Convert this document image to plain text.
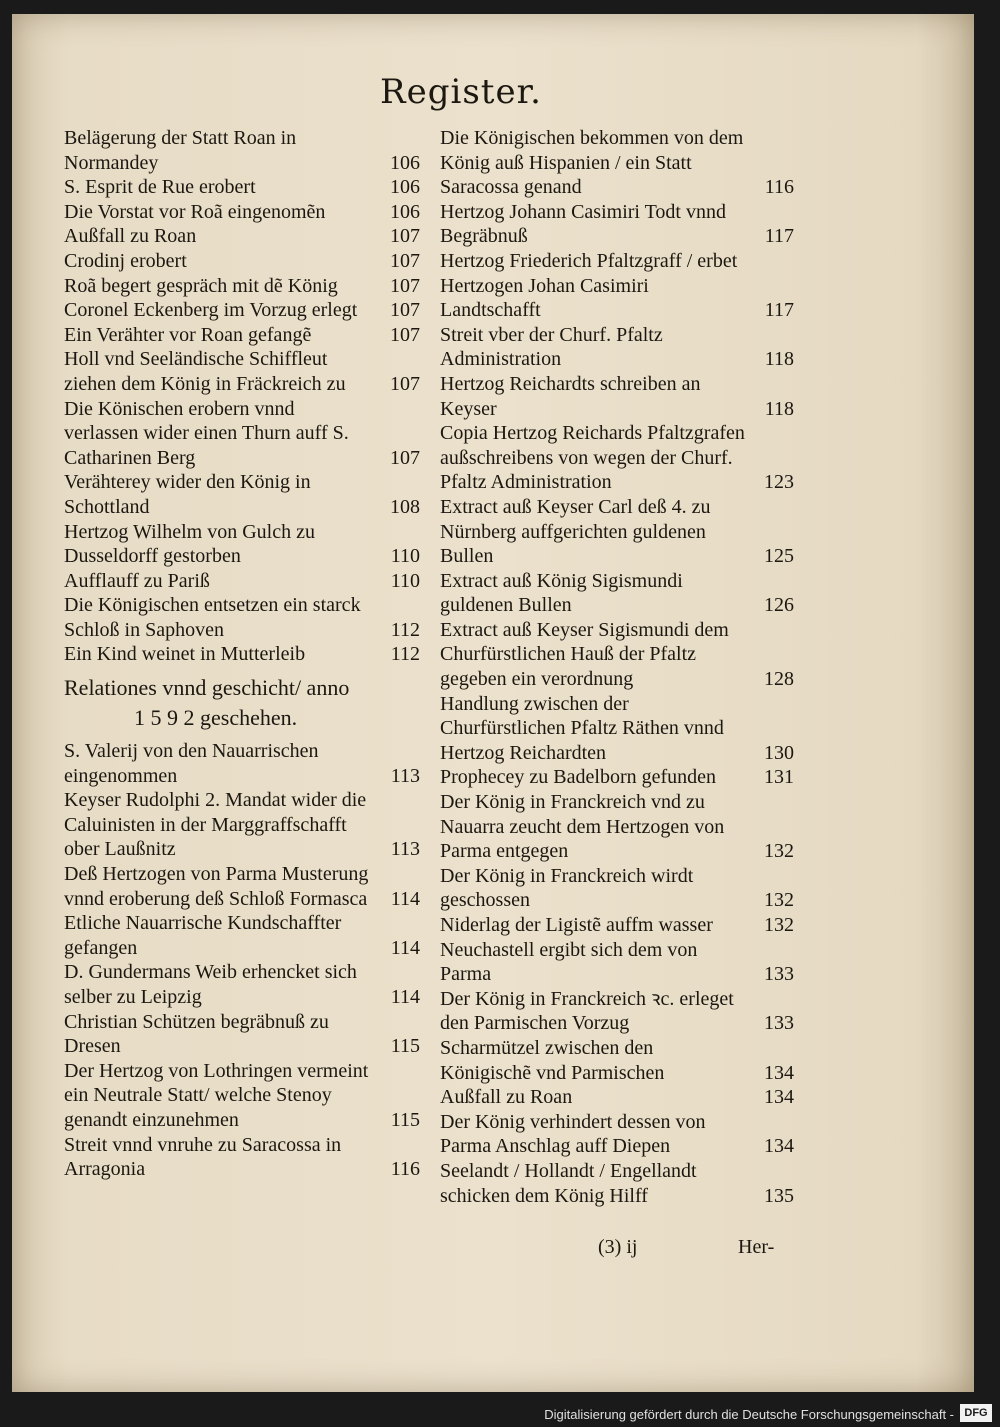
Register.
Belägerung der Statt Roan in Normandey	106
S. Esprit de Rue erobert	106
Die Vorstat vor Roã eingenomẽn	106
Außfall zu Roan	107
Crodinj erobert	107
Roã begert gespräch mit dẽ König	107
Coronel Eckenberg im Vorzug erlegt	107
Ein Verähter vor Roan gefangẽ	107
Holl vnd Seeländische Schiffleut ziehen dem König in Fräckreich zu	107
Die Könischen erobern vnnd verlassen wider einen Thurn auff S. Catharinen Berg	107
Verähterey wider den König in Schottland	108
Hertzog Wilhelm von Gulch zu Dusseldorff gestorben	110
Aufflauff zu Pariß	110
Die Königischen entsetzen ein starck Schloß in Saphoven	112
Ein Kind weinet in Mutterleib	112
Relationes vnnd geschicht/ anno
1 5 9 2 geschehen.
S. Valerij von den Nauarrischen eingenommen	113
Keyser Rudolphi 2. Mandat wider die Caluinisten in der Marggraffschafft ober Laußnitz	113
Deß Hertzogen von Parma Musterung vnnd eroberung deß Schloß Formasca	114
Etliche Nauarrische Kundschaffter gefangen	114
D. Gundermans Weib erhencket sich selber zu Leipzig	114
Christian Schützen begräbnuß zu Dresen	115
Der Hertzog von Lothringen vermeint ein Neutrale Statt/ welche Stenoy genandt einzunehmen	115
Streit vnnd vnruhe zu Saracossa in Arragonia	116
Die Königischen bekommen von dem König auß Hispanien / ein Statt Saracossa genand	116
Hertzog Johann Casimiri Todt vnnd Begräbnuß	117
Hertzog Friederich Pfaltzgraff / erbet Hertzogen Johan Casimiri Landtschafft	117
Streit vber der Churf. Pfaltz Administration	118
Hertzog Reichardts schreiben an Keyser	118
Copia Hertzog Reichards Pfaltzgrafen außschreibens von wegen der Churf. Pfaltz Administration	123
Extract auß Keyser Carl deß 4. zu Nürnberg auffgerichten guldenen Bullen	125
Extract auß König Sigismundi guldenen Bullen	126
Extract auß Keyser Sigismundi dem Churfürstlichen Hauß der Pfaltz gegeben ein verordnung	128
Handlung zwischen der Churfürstlichen Pfaltz Räthen vnnd Hertzog Reichardten	130
Prophecey zu Badelborn gefunden	131
Der König in Franckreich vnd zu Nauarra zeucht dem Hertzogen von Parma entgegen	132
Der König in Franckreich wirdt geschossen	132
Niderlag der Ligistẽ auffm wasser	132
Neuchastell ergibt sich dem von Parma	133
Der König in Franckreich ꝛc. erleget den Parmischen Vorzug	133
Scharmützel zwischen den Königischẽ vnd Parmischen	134
Außfall zu Roan	134
Der König verhindert dessen von Parma Anschlag auff Diepen	134
Seelandt / Hollandt / Engellandt schicken dem König Hilff	135
(3) ij	Her-
Digitalisierung gefördert durch die Deutsche Forschungsgemeinschaft - DFG
